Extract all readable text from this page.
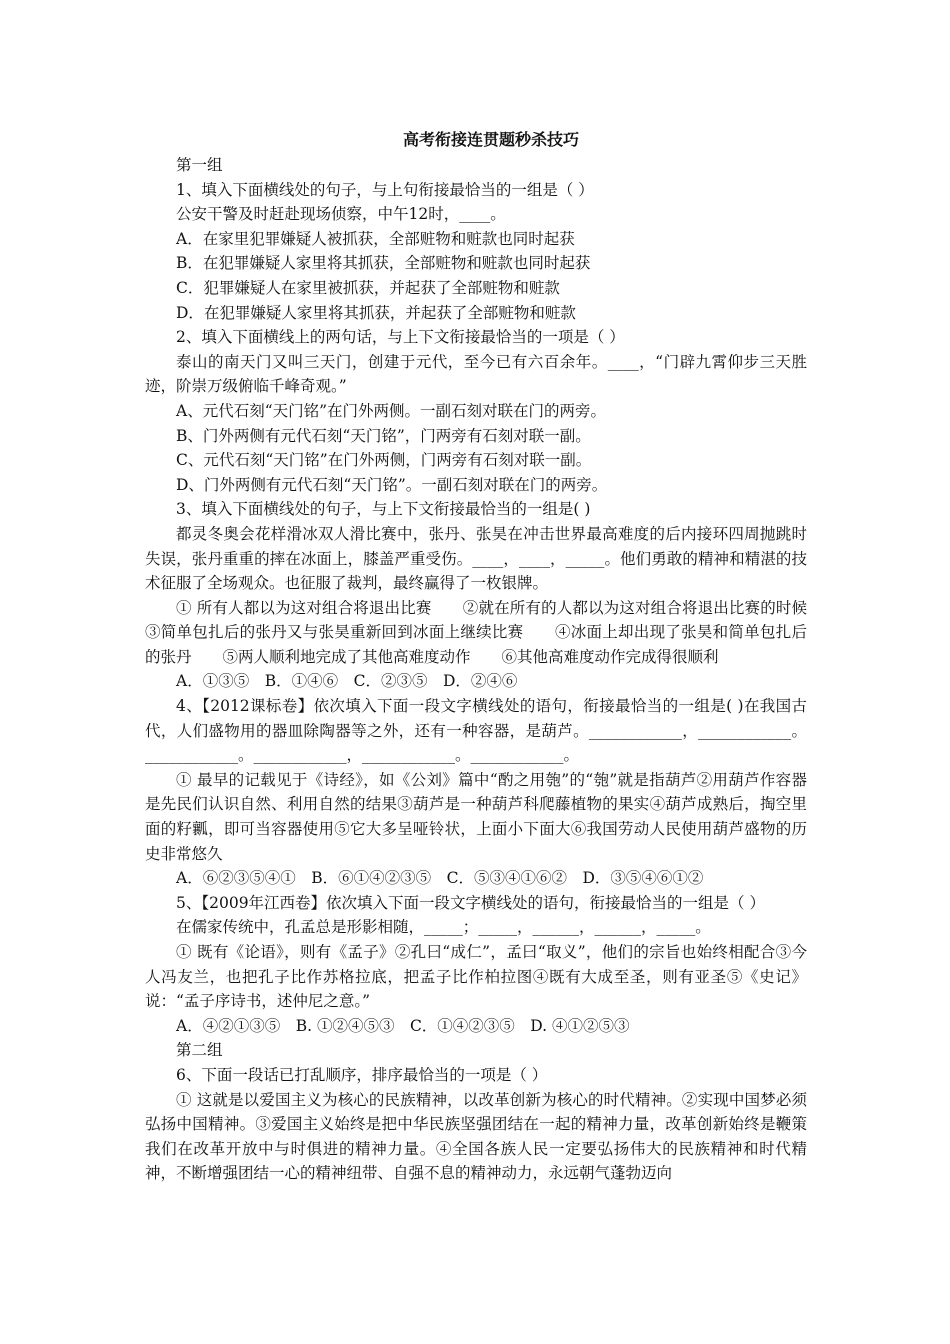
高考衔接连贯题秒杀技巧

第一组

1、填入下面横线处的句子，与上句衔接最恰当的一组是（ ）

公安干警及时赶赴现场侦察，中午12时，____。

A．在家里犯罪嫌疑人被抓获，全部赃物和赃款也同时起获

B．在犯罪嫌疑人家里将其抓获，全部赃物和赃款也同时起获

C．犯罪嫌疑人在家里被抓获，并起获了全部赃物和赃款

D．在犯罪嫌疑人家里将其抓获，并起获了全部赃物和赃款

2、填入下面横线上的两句话，与上下文衔接最恰当的一项是（ ）

泰山的南天门又叫三天门，创建于元代，至今已有六百余年。____，“门辟九霄仰步三天胜迹，阶崇万级俯临千峰奇观。”

A、元代石刻“天门铭”在门外两侧。一副石刻对联在门的两旁。

B、门外两侧有元代石刻“天门铭”，门两旁有石刻对联一副。

C、元代石刻“天门铭”在门外两侧，门两旁有石刻对联一副。

D、门外两侧有元代石刻“天门铭”。一副石刻对联在门的两旁。

3、填入下面横线处的句子，与上下文衔接最恰当的一组是( )

都灵冬奥会花样滑冰双人滑比赛中，张丹、张昊在冲击世界最高难度的后内接环四周抛跳时失误，张丹重重的摔在冰面上，膝盖严重受伤。____，____，_____。他们勇敢的精神和精湛的技术征服了全场观众。也征服了裁判，最终赢得了一枚银牌。

① 所有人都以为这对组合将退出比赛　　②就在所有的人都以为这对组合将退出比赛的时候　　③简单包扎后的张丹又与张昊重新回到冰面上继续比赛　　④冰面上却出现了张昊和简单包扎后的张丹　　⑤两人顺利地完成了其他高难度动作　　⑥其他高难度动作完成得很顺利

A．①③⑤　B．①④⑥　C．②③⑤　D．②④⑥

4、【2012课标卷】依次填入下面一段文字横线处的语句，衔接最恰当的一组是( )在我国古代，人们盛物用的器皿除陶器等之外，还有一种容器，是葫芦。____________，____________。____________。____________，____________。____________。

① 最早的记载见于《诗经》，如《公刘》篇中“酌之用匏”的“匏”就是指葫芦②用葫芦作容器是先民们认识自然、利用自然的结果③葫芦是一种葫芦科爬藤植物的果实④葫芦成熟后，掏空里面的籽瓤，即可当容器使用⑤它大多呈哑铃状，上面小下面大⑥我国劳动人民使用葫芦盛物的历史非常悠久

A．⑥②③⑤④①　B．⑥①④②③⑤　C．⑤③④①⑥②　D．③⑤④⑥①②

5、【2009年江西卷】依次填入下面一段文字横线处的语句，衔接最恰当的一组是（ ）

在儒家传统中，孔孟总是形影相随，_____；_____，______，______，_____。

① 既有《论语》，则有《孟子》②孔曰“成仁”，孟曰“取义”，他们的宗旨也始终相配合③今人冯友兰，也把孔子比作苏格拉底，把孟子比作柏拉图④既有大成至圣，则有亚圣⑤《史记》说：“孟子序诗书，述仲尼之意。”

A．④②①③⑤　B. ①②④⑤③　C．①④②③⑤　D. ④①②⑤③

第二组

6、下面一段话已打乱顺序，排序最恰当的一项是（ ）

① 这就是以爱国主义为核心的民族精神，以改革创新为核心的时代精神。②实现中国梦必须弘扬中国精神。③爱国主义始终是把中华民族坚强团结在一起的精神力量，改革创新始终是鞭策我们在改革开放中与时俱进的精神力量。④全国各族人民一定要弘扬伟大的民族精神和时代精神，不断增强团结一心的精神纽带、自强不息的精神动力，永远朝气蓬勃迈向
